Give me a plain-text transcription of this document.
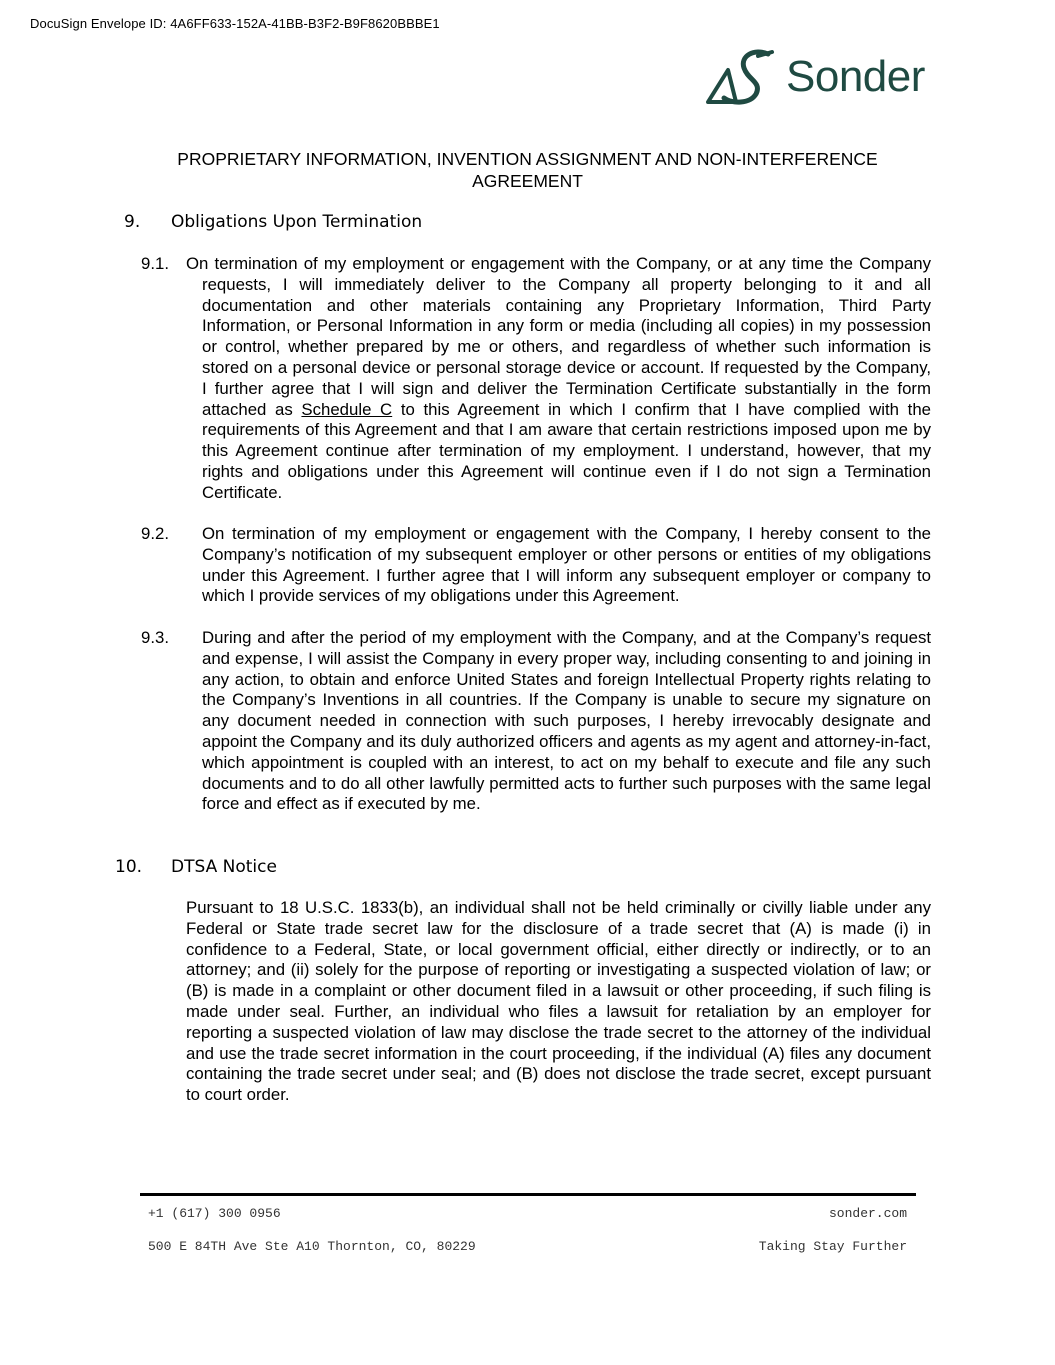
DocuSign Envelope ID: 4A6FF633-152A-41BB-B3F2-B9F8620BBBE1
Sonder
PROPRIETARY INFORMATION, INVENTION ASSIGNMENT AND NON-INTERFERENCE AGREEMENT
9. Obligations Upon Termination
9.1. On termination of my employment or engagement with the Company, or at any time the Company requests, I will immediately deliver to the Company all property belonging to it and all documentation and other materials containing any Proprietary Information, Third Party Information, or Personal Information in any form or media (including all copies) in my possession or control, whether prepared by me or others, and regardless of whether such information is stored on a personal device or personal storage device or account. If requested by the Company, I further agree that I will sign and deliver the Termination Certificate substantially in the form attached as Schedule C to this Agreement in which I confirm that I have complied with the requirements of this Agreement and that I am aware that certain restrictions imposed upon me by this Agreement continue after termination of my employment. I understand, however, that my rights and obligations under this Agreement will continue even if I do not sign a Termination Certificate.
9.2. On termination of my employment or engagement with the Company, I hereby consent to the Company’s notification of my subsequent employer or other persons or entities of my obligations under this Agreement. I further agree that I will inform any subsequent employer or company to which I provide services of my obligations under this Agreement.
9.3. During and after the period of my employment with the Company, and at the Company’s request and expense, I will assist the Company in every proper way, including consenting to and joining in any action, to obtain and enforce United States and foreign Intellectual Property rights relating to the Company’s Inventions in all countries. If the Company is unable to secure my signature on any document needed in connection with such purposes, I hereby irrevocably designate and appoint the Company and its duly authorized officers and agents as my agent and attorney-in-fact, which appointment is coupled with an interest, to act on my behalf to execute and file any such documents and to do all other lawfully permitted acts to further such purposes with the same legal force and effect as if executed by me.
10. DTSA Notice
Pursuant to 18 U.S.C. 1833(b), an individual shall not be held criminally or civilly liable under any Federal or State trade secret law for the disclosure of a trade secret that (A) is made (i) in confidence to a Federal, State, or local government official, either directly or indirectly, or to an attorney; and (ii) solely for the purpose of reporting or investigating a suspected violation of law; or (B) is made in a complaint or other document filed in a lawsuit or other proceeding, if such filing is made under seal. Further, an individual who files a lawsuit for retaliation by an employer for reporting a suspected violation of law may disclose the trade secret to the attorney of the individual and use the trade secret information in the court proceeding, if the individual (A) files any document containing the trade secret under seal; and (B) does not disclose the trade secret, except pursuant to court order.
+1 (617) 300 0956	sonder.com
500 E 84TH Ave Ste A10 Thornton, CO, 80229	Taking Stay Further
